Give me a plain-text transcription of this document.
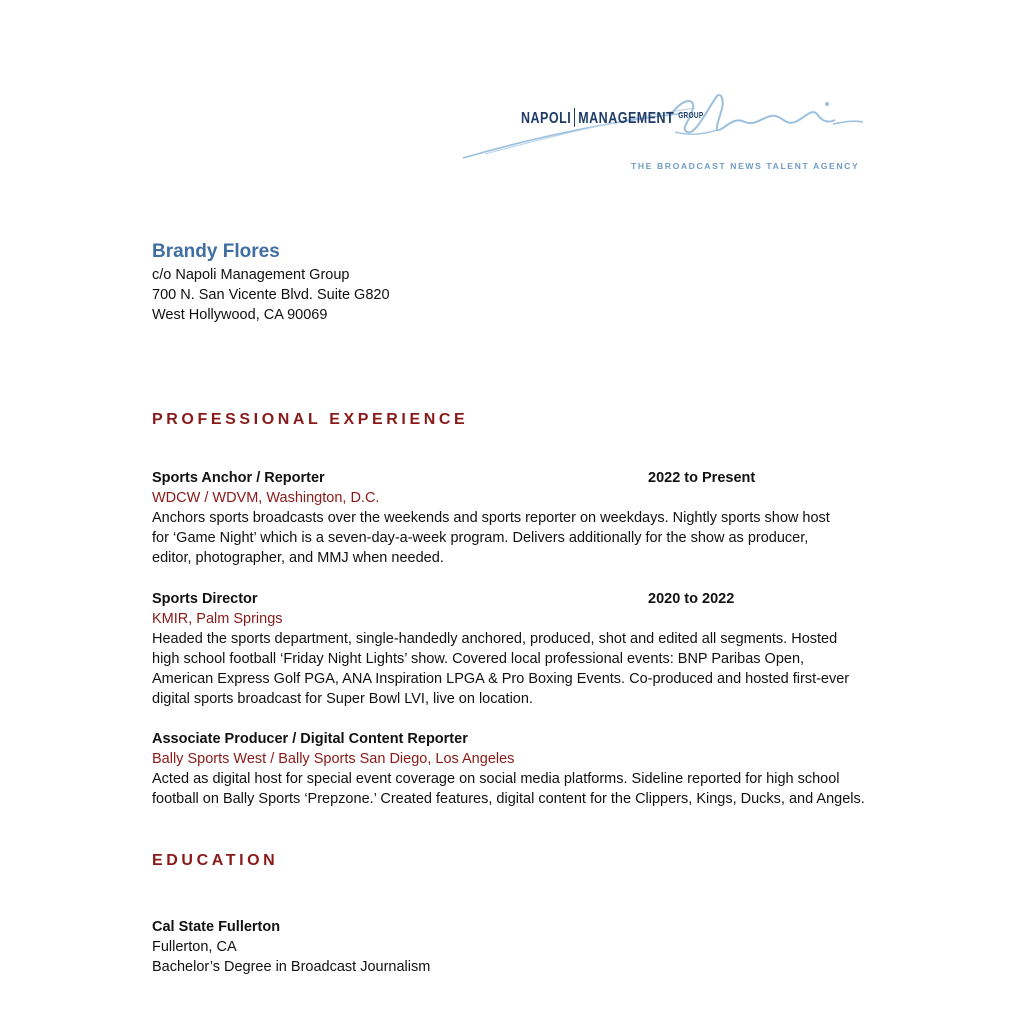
NAPOLI MANAGEMENT $^{GROUP}$
THE BROADCAST NEWS TALENT AGENCY
Brandy Flores
c/o Napoli Management Group
700 N. San Vicente Blvd. Suite G820
West Hollywood, CA 90069
PROFESSIONAL EXPERIENCE
Sports Anchor / Reporter	2022 to Present
WDCW / WDVM, Washington, D.C.
Anchors sports broadcasts over the weekends and sports reporter on weekdays. Nightly sports show host
for ‘Game Night’ which is a seven-day-a-week program. Delivers additionally for the show as producer,
editor, photographer, and MMJ when needed.
Sports Director	2020 to 2022
KMIR, Palm Springs
Headed the sports department, single-handedly anchored, produced, shot and edited all segments. Hosted
high school football ‘Friday Night Lights’ show. Covered local professional events: BNP Paribas Open,
American Express Golf PGA, ANA Inspiration LPGA & Pro Boxing Events. Co-produced and hosted first-ever
digital sports broadcast for Super Bowl LVI, live on location.
Associate Producer / Digital Content Reporter
Bally Sports West / Bally Sports San Diego, Los Angeles
Acted as digital host for special event coverage on social media platforms. Sideline reported for high school
football on Bally Sports ‘Prepzone.’ Created features, digital content for the Clippers, Kings, Ducks, and Angels.
EDUCATION
Cal State Fullerton
Fullerton, CA
Bachelor’s Degree in Broadcast Journalism
